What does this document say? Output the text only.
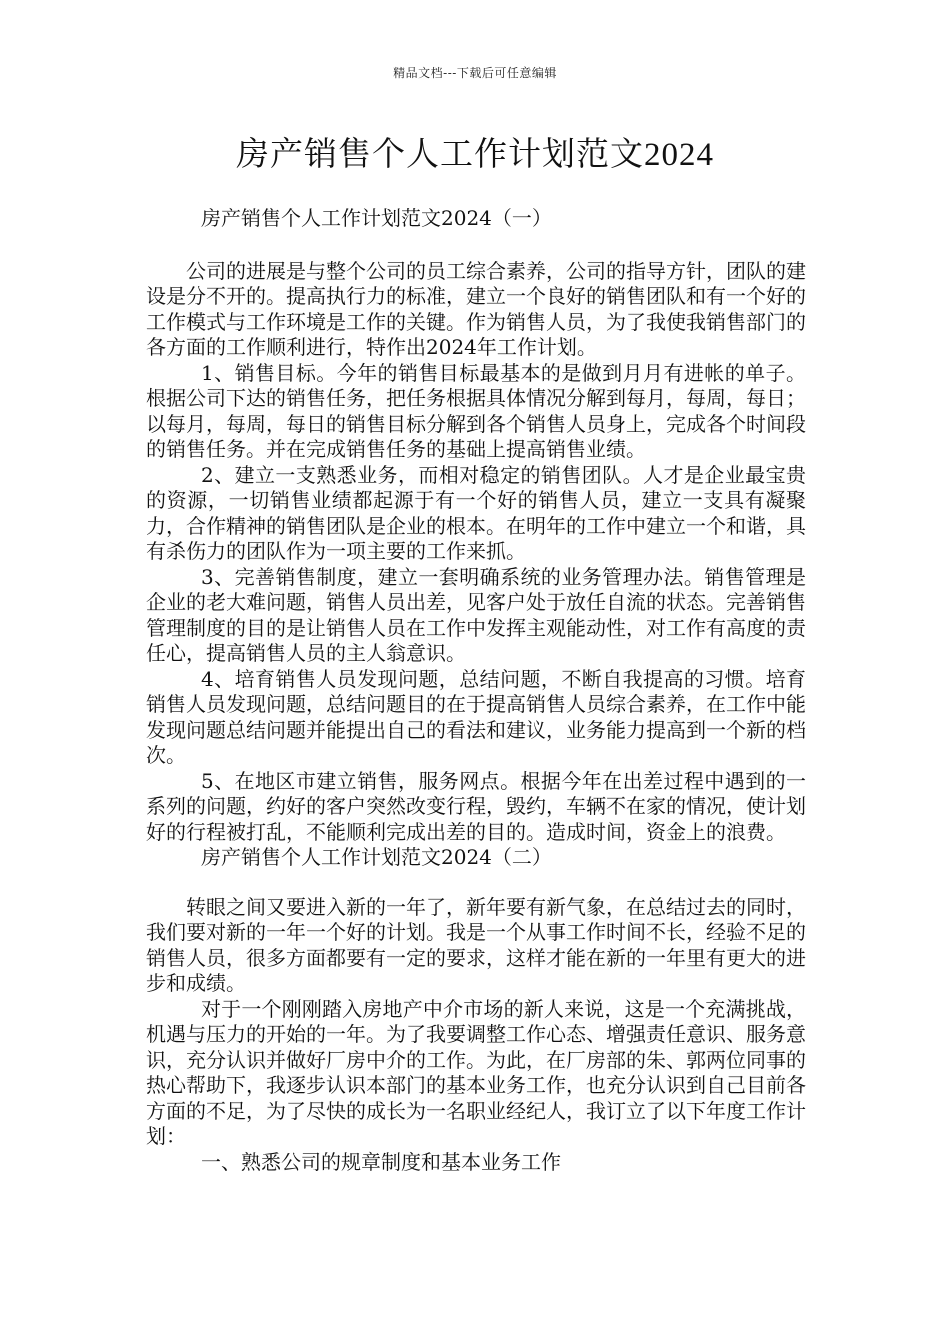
精品文档---下载后可任意编辑
房产销售个人工作计划范文2024

房产销售个人工作计划范文2024（一）

公司的进展是与整个公司的员工综合素养，公司的指导方针，团队的建设是分不开的。提高执行力的标准，建立一个良好的销售团队和有一个好的工作模式与工作环境是工作的关键。作为销售人员，为了我使我销售部门的各方面的工作顺利进行，特作出2024年工作计划。

1、销售目标。今年的销售目标最基本的是做到月月有进帐的单子。根据公司下达的销售任务，把任务根据具体情况分解到每月，每周，每日；以每月，每周，每日的销售目标分解到各个销售人员身上，完成各个时间段的销售任务。并在完成销售任务的基础上提高销售业绩。

2、建立一支熟悉业务，而相对稳定的销售团队。人才是企业最宝贵的资源，一切销售业绩都起源于有一个好的销售人员，建立一支具有凝聚力，合作精神的销售团队是企业的根本。在明年的工作中建立一个和谐，具有杀伤力的团队作为一项主要的工作来抓。

3、完善销售制度，建立一套明确系统的业务管理办法。销售管理是企业的老大难问题，销售人员出差，见客户处于放任自流的状态。完善销售管理制度的目的是让销售人员在工作中发挥主观能动性，对工作有高度的责任心，提高销售人员的主人翁意识。

4、培育销售人员发现问题，总结问题，不断自我提高的习惯。培育销售人员发现问题，总结问题目的在于提高销售人员综合素养，在工作中能发现问题总结问题并能提出自己的看法和建议，业务能力提高到一个新的档次。

5、在地区市建立销售，服务网点。根据今年在出差过程中遇到的一系列的问题，约好的客户突然改变行程，毁约，车辆不在家的情况，使计划好的行程被打乱，不能顺利完成出差的目的。造成时间，资金上的浪费。

房产销售个人工作计划范文2024（二）

转眼之间又要进入新的一年了，新年要有新气象，在总结过去的同时，我们要对新的一年一个好的计划。我是一个从事工作时间不长，经验不足的销售人员，很多方面都要有一定的要求，这样才能在新的一年里有更大的进步和成绩。

对于一个刚刚踏入房地产中介市场的新人来说，这是一个充满挑战，机遇与压力的开始的一年。为了我要调整工作心态、增强责任意识、服务意识，充分认识并做好厂房中介的工作。为此，在厂房部的朱、郭两位同事的热心帮助下，我逐步认识本部门的基本业务工作，也充分认识到自己目前各方面的不足，为了尽快的成长为一名职业经纪人，我订立了以下年度工作计划：

一、熟悉公司的规章制度和基本业务工作
